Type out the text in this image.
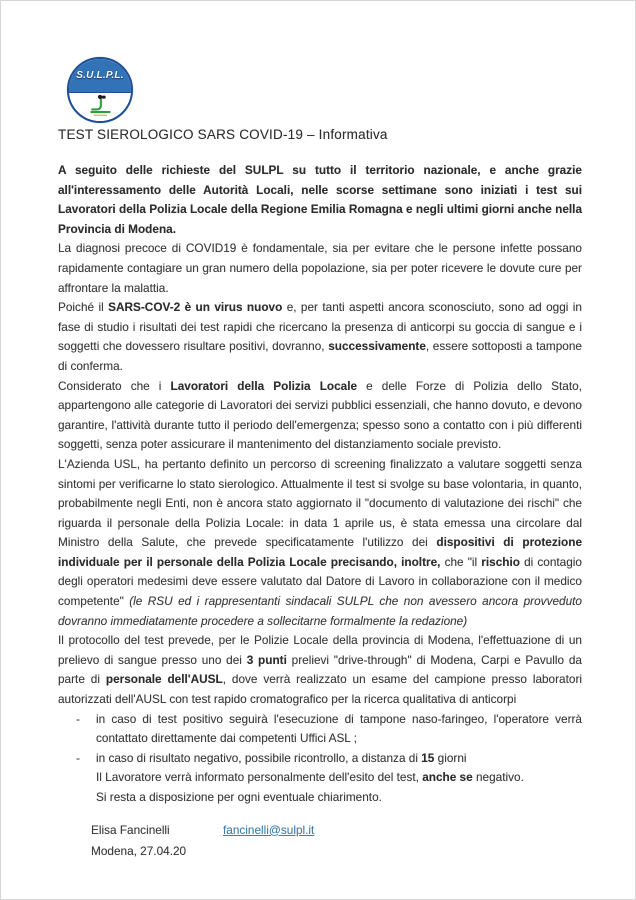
S.U.L.P.L.
TEST SIEROLOGICO SARS COVID-19 – Informativa

A seguito delle richieste del SULPL su tutto il territorio nazionale, e anche grazie all'interessamento delle Autorità Locali, nelle scorse settimane sono iniziati i test sui Lavoratori della Polizia Locale della Regione Emilia Romagna e negli ultimi giorni anche nella Provincia di Modena.

La diagnosi precoce di COVID19 è fondamentale, sia per evitare che le persone infette possano rapidamente contagiare un gran numero della popolazione, sia per poter ricevere le dovute cure per affrontare la malattia.

Poiché il SARS-COV-2 è un virus nuovo e, per tanti aspetti ancora sconosciuto, sono ad oggi in fase di studio i risultati dei test rapidi che ricercano la presenza di anticorpi su goccia di sangue e i soggetti che dovessero risultare positivi, dovranno, successivamente, essere sottoposti a tampone di conferma.

Considerato che i Lavoratori della Polizia Locale e delle Forze di Polizia dello Stato, appartengono alle categorie di Lavoratori dei servizi pubblici essenziali, che hanno dovuto, e devono garantire, l'attività durante tutto il periodo dell'emergenza; spesso sono a contatto con i più differenti soggetti, senza poter assicurare il mantenimento del distanziamento sociale previsto.

L'Azienda USL, ha pertanto definito un percorso di screening finalizzato a valutare soggetti senza sintomi per verificarne lo stato sierologico. Attualmente il test si svolge su base volontaria, in quanto, probabilmente negli Enti, non è ancora stato aggiornato il "documento di valutazione dei rischi" che riguarda il personale della Polizia Locale: in data 1 aprile us, è stata emessa una circolare dal Ministro della Salute, che prevede specificatamente l'utilizzo dei dispositivi di protezione individuale per il personale della Polizia Locale precisando, inoltre, che "il rischio di contagio degli operatori medesimi deve essere valutato dal Datore di Lavoro in collaborazione con il medico competente" (le RSU ed i rappresentanti sindacali SULPL che non avessero ancora provveduto dovranno immediatamente procedere a sollecitarne formalmente la redazione)

Il protocollo del test prevede, per le Polizie Locale della provincia di Modena, l'effettuazione di un prelievo di sangue presso uno dei 3 punti prelievi "drive-through" di Modena, Carpi e Pavullo da parte di personale dell'AUSL, dove verrà realizzato un esame del campione presso laboratori autorizzati dell'AUSL con test rapido cromatografico per la ricerca qualitativa di anticorpi

-	in caso di test positivo seguirà l'esecuzione di tampone naso-faringeo, l'operatore verrà contattato direttamente dai competenti Uffici ASL ;
-	in caso di risultato negativo, possibile ricontrollo, a distanza di 15 giorni

Il Lavoratore verrà informato personalmente dell'esito del test, anche se negativo.

Si resta a disposizione per ogni eventuale chiarimento.

Elisa Fancinelli	fancinelli@sulpl.it
Modena, 27.04.20
